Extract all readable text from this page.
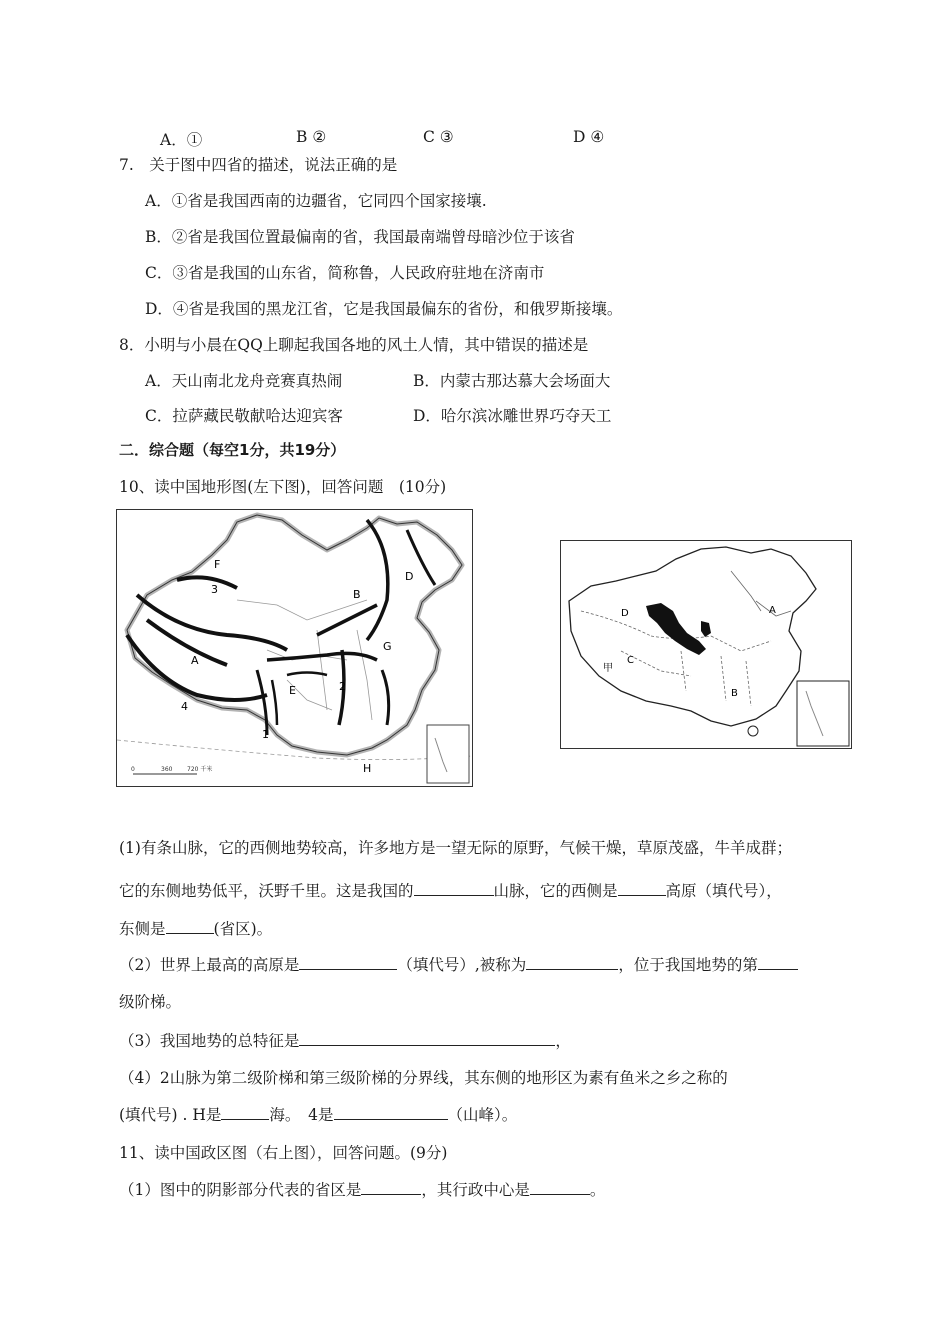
A．①	B ②	C ③	D ④
7.　关于图中四省的描述，说法正确的是
A．①省是我国西南的边疆省，它同四个国家接壤.
B．②省是我国位置最偏南的省，我国最南端曾母暗沙位于该省
C．③省是我国的山东省，简称鲁，人民政府驻地在济南市
D．④省是我国的黑龙江省，它是我国最偏东的省份，和俄罗斯接壤。
8．小明与小晨在QQ上聊起我国各地的风土人情，其中错误的描述是
A．天山南北龙舟竞赛真热闹	B．内蒙古那达慕大会场面大
C．拉萨藏民敬献哈达迎宾客	D．哈尔滨冰雕世界巧夺天工
二．综合题（每空1分，共19分）
10、读中国地形图(左下图)，回答问题　(10分)
0	360 720 千米
F
3
D
B
A
E	2
G
4
1
H
D	A
甲
C
B
(1)有条山脉，它的西侧地势较高，许多地方是一望无际的原野，气候干燥，草原茂盛，牛羊成群；
它的东侧地势低平，沃野千里。这是我国的	山脉，它的西侧是	高原（填代号），
东侧是	(省区)。
（2）世界上最高的高原是	（填代号）,被称为	，位于我国地势的第
级阶梯。
（3）我国地势的总特征是	，
（4）2山脉为第二级阶梯和第三级阶梯的分界线，其东侧的地形区为素有鱼米之乡之称的
(填代号) . H是	海。　4是	（山峰）。
11、读中国政区图（右上图），回答问题。(9分)
（1）图中的阴影部分代表的省区是	，其行政中心是	。
